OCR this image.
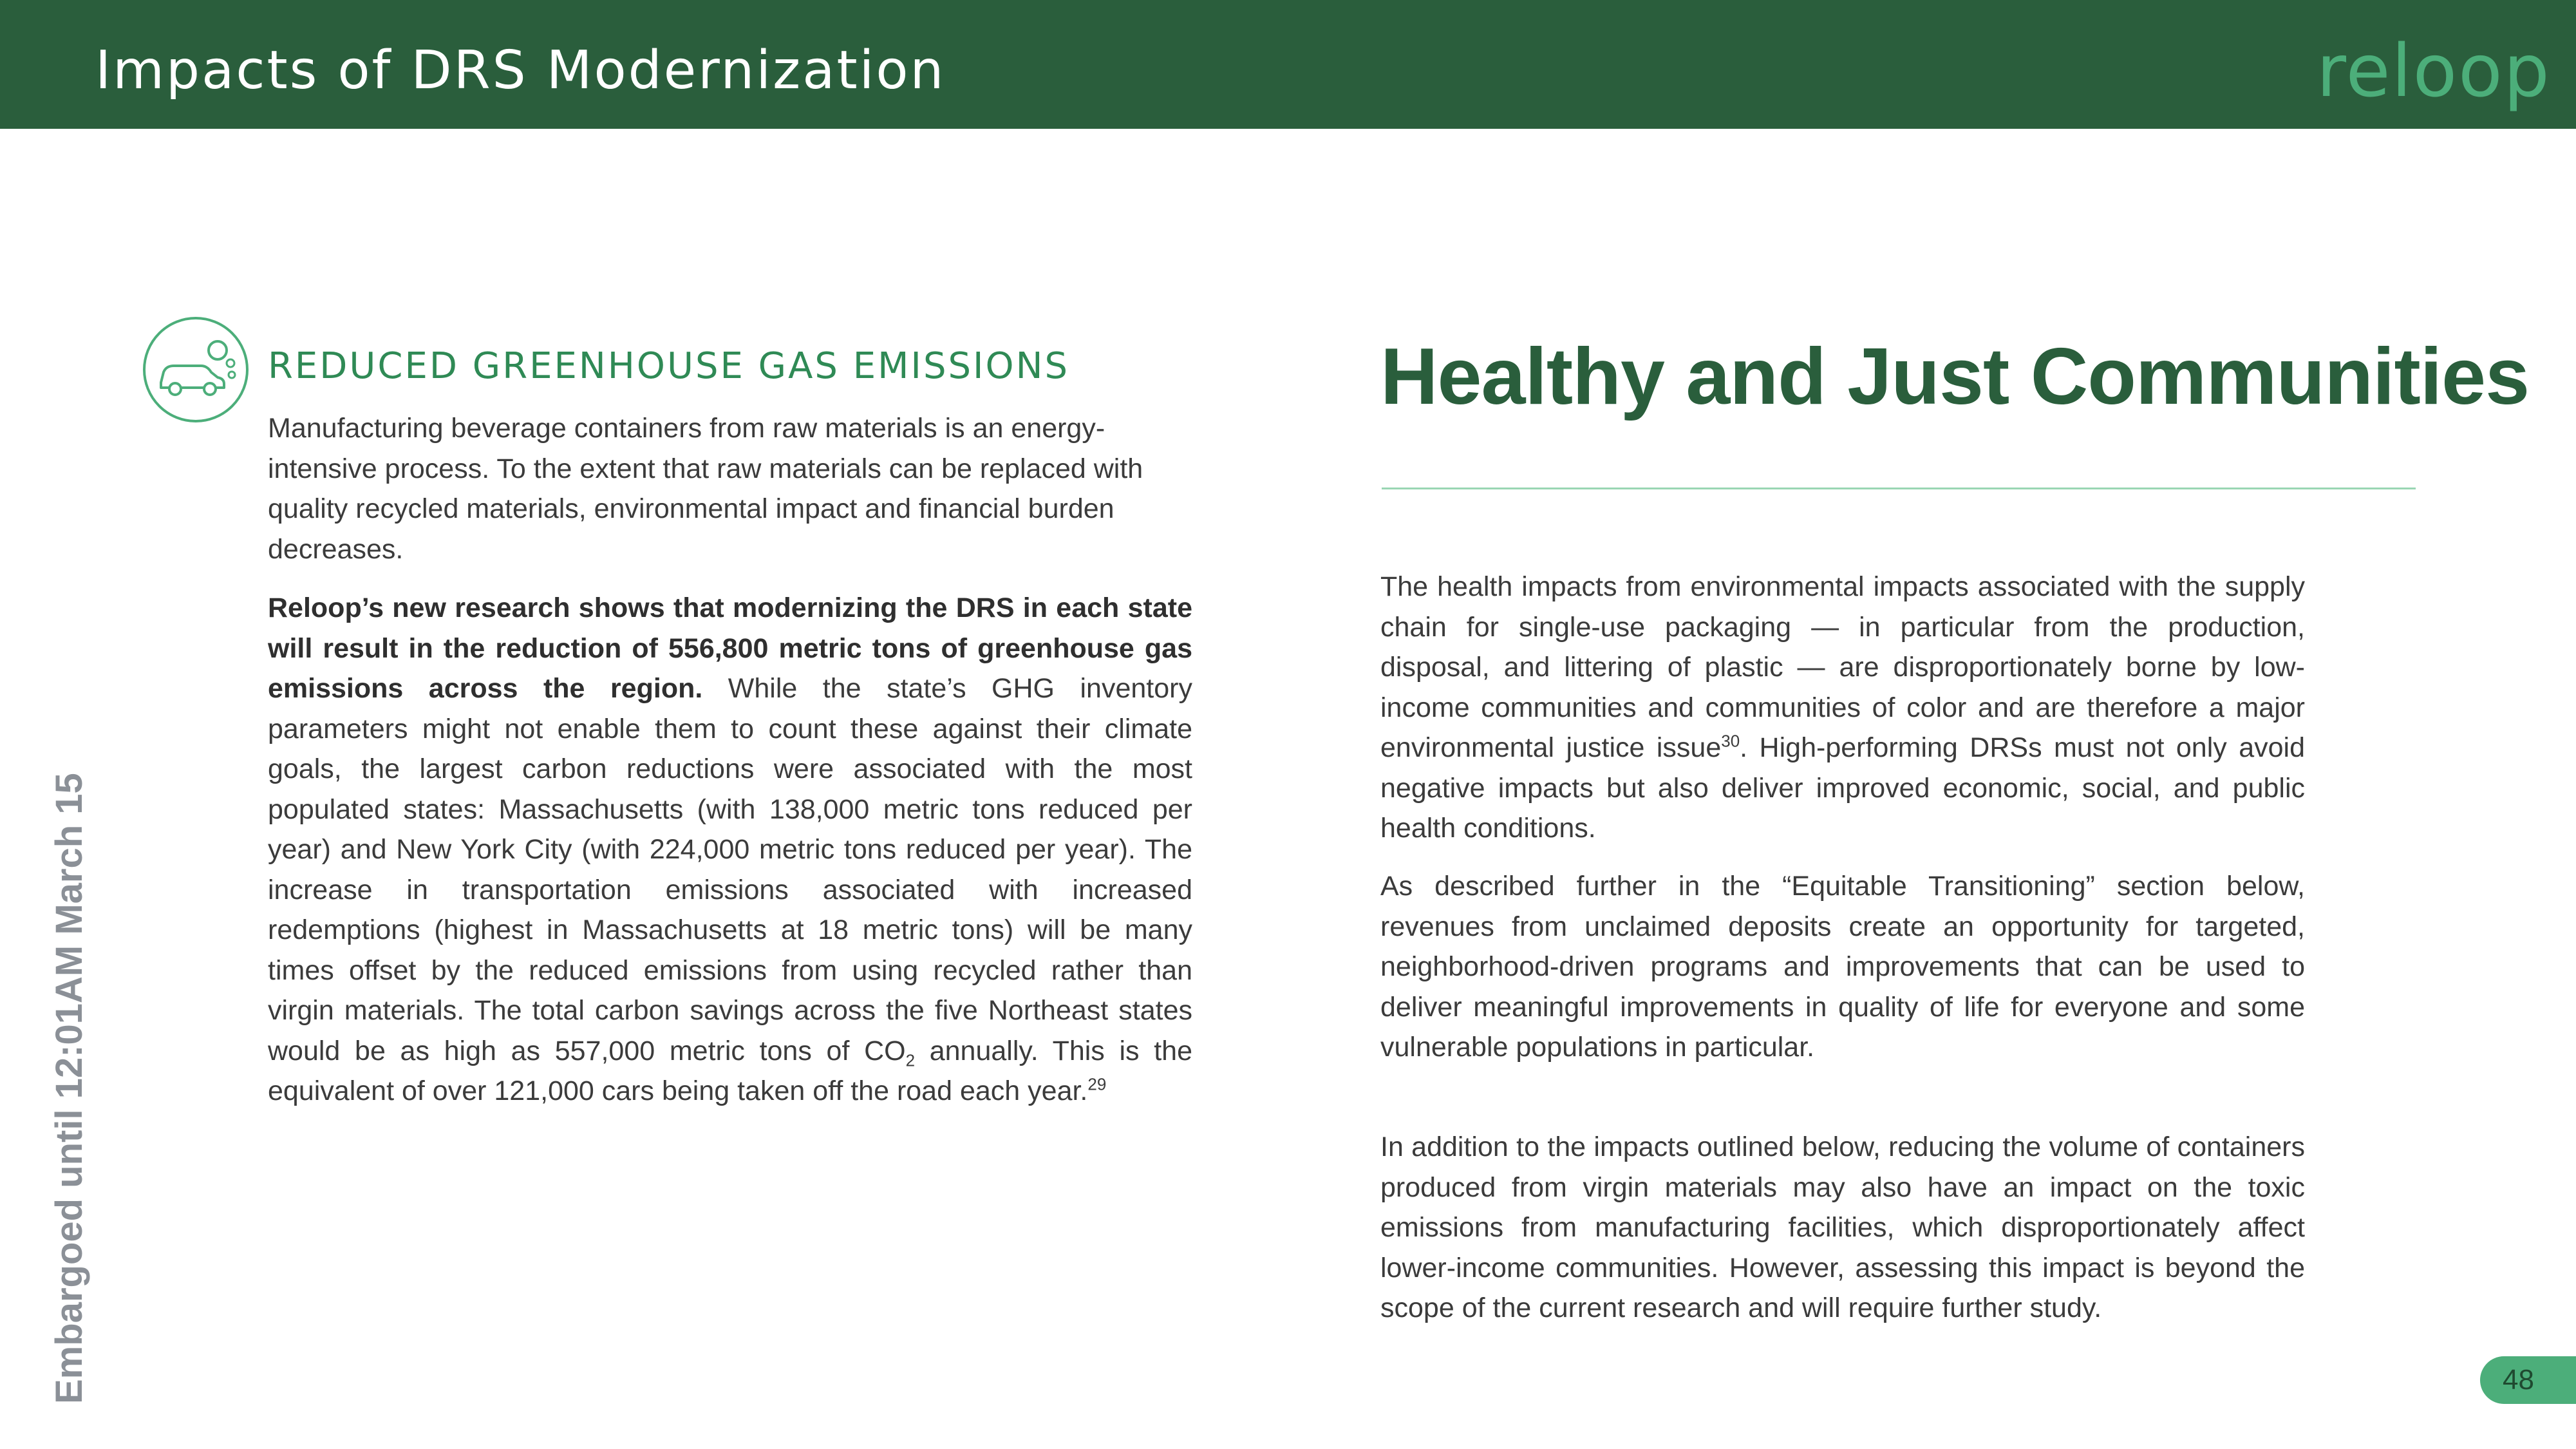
Impacts of DRS Modernization	reloop
REDUCED GREENHOUSE GAS EMISSIONS

Manufacturing beverage containers from raw materials is an energy-intensive process. To the extent that raw materials can be replaced with quality recycled materials, environmental impact and financial burden decreases.

Reloop’s new research shows that modernizing the DRS in each state will result in the reduction of 556,800 metric tons of greenhouse gas emissions across the region. While the state’s GHG inventory parameters might not enable them to count these against their climate goals, the largest carbon reductions were associated with the most populated states: Massachusetts (with 138,000 metric tons reduced per year) and New York City (with 224,000 metric tons reduced per year). The increase in transportation emissions associated with increased redemptions (highest in Massachusetts at 18 metric tons) will be many times offset by the reduced emissions from using recycled rather than virgin materials. The total carbon savings across the five Northeast states would be as high as 557,000 metric tons of $CO_2$ annually. This is the equivalent of over 121,000 cars being taken off the road each year.$^{29}$

Healthy and Just Communities

The health impacts from environmental impacts associated with the supply chain for single-use packaging — in particular from the production, disposal, and littering of plastic — are disproportionately borne by low-income communities and communities of color and are therefore a major environmental justice issue$^{30}$. High-performing DRSs must not only avoid negative impacts but also deliver improved economic, social, and public health conditions.

As described further in the “Equitable Transitioning” section below, revenues from unclaimed deposits create an opportunity for targeted, neighborhood-driven programs and improvements that can be used to deliver meaningful improvements in quality of life for everyone and some vulnerable populations in particular.

In addition to the impacts outlined below, reducing the volume of containers produced from virgin materials may also have an impact on the toxic emissions from manufacturing facilities, which disproportionately affect lower-income communities. However, assessing this impact is beyond the scope of the current research and will require further study.

Embargoed until 12:01AM March 15	48
